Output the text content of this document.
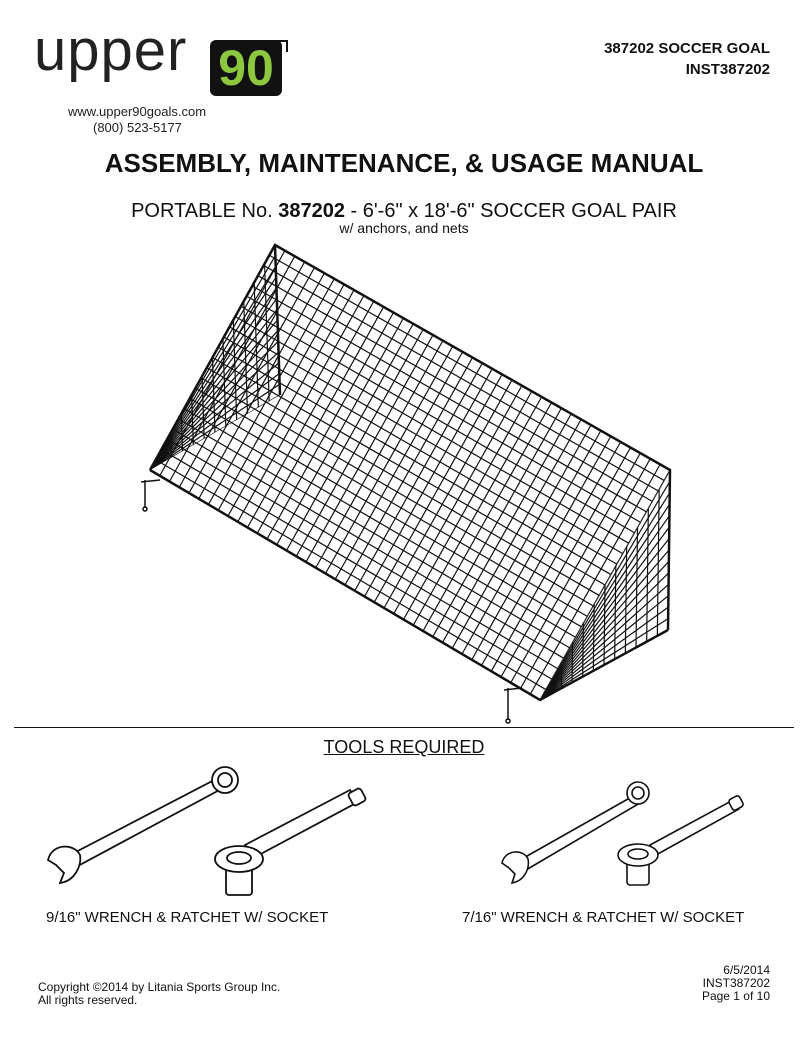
upper 90
www.upper90goals.com
(800) 523-5177
387202 SOCCER GOAL
INST387202
ASSEMBLY, MAINTENANCE, & USAGE MANUAL
PORTABLE No. 387202 - 6'-6" x 18'-6" SOCCER GOAL PAIR
w/ anchors, and nets
TOOLS REQUIRED
9/16" WRENCH & RATCHET W/ SOCKET	7/16" WRENCH & RATCHET W/ SOCKET
Copyright ©2014 by Litania Sports Group Inc.
All rights reserved.
6/5/2014
INST387202
Page 1 of 10
